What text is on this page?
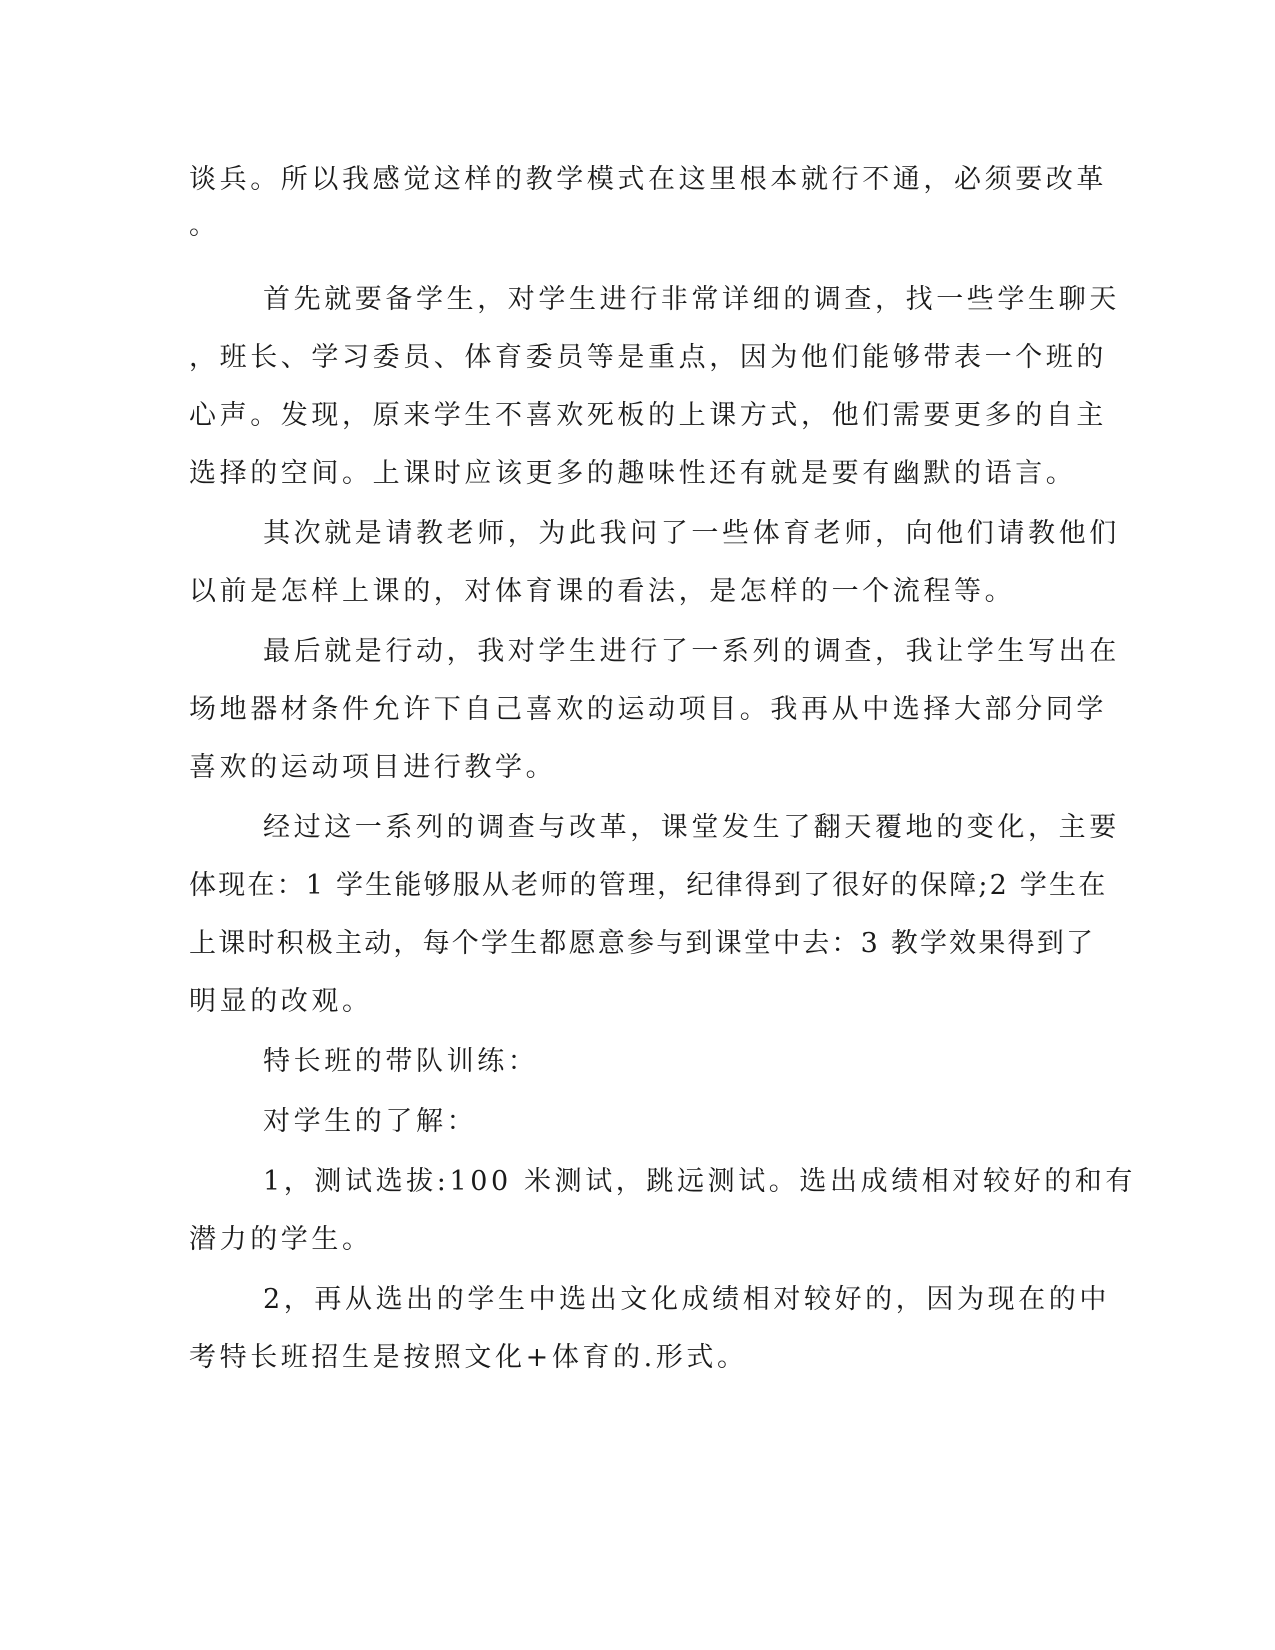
谈兵。所以我感觉这样的教学模式在这里根本就行不通，必须要改革
。
首先就要备学生，对学生进行非常详细的调查，找一些学生聊天
，班长、学习委员、体育委员等是重点，因为他们能够带表一个班的
心声。发现，原来学生不喜欢死板的上课方式，他们需要更多的自主
选择的空间。上课时应该更多的趣味性还有就是要有幽默的语言。
其次就是请教老师，为此我问了一些体育老师，向他们请教他们
以前是怎样上课的，对体育课的看法，是怎样的一个流程等。
最后就是行动，我对学生进行了一系列的调查，我让学生写出在
场地器材条件允许下自己喜欢的运动项目。我再从中选择大部分同学
喜欢的运动项目进行教学。
经过这一系列的调查与改革，课堂发生了翻天覆地的变化，主要
体现在：1 学生能够服从老师的管理，纪律得到了很好的保障;2 学生在
上课时积极主动，每个学生都愿意参与到课堂中去：3 教学效果得到了
明显的改观。
特长班的带队训练：
对学生的了解：
1，测试选拔:100 米测试，跳远测试。选出成绩相对较好的和有
潜力的学生。
2，再从选出的学生中选出文化成绩相对较好的，因为现在的中
考特长班招生是按照文化+体育的.形式。
